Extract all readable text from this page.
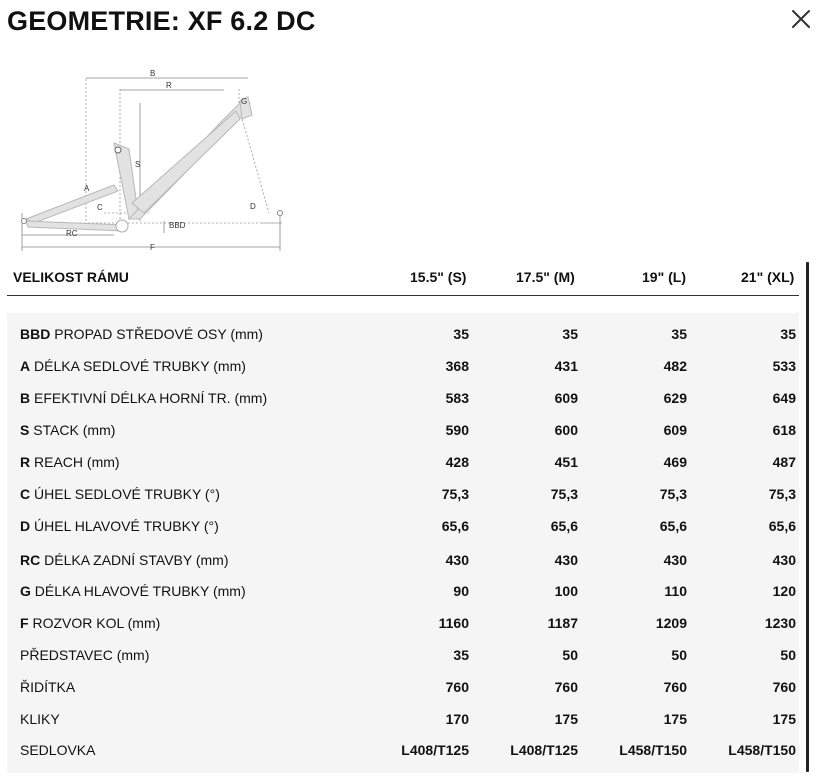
GEOMETRIE: XF 6.2 DC
B
R
G
S
A
C	D
RC
BBD
F
VELIKOST RÁMU	15.5" (S)	17.5" (M)	19" (L)	21" (XL)
BBD PROPAD STŘEDOVÉ OSY (mm)	35	35	35	35
A DÉLKA SEDLOVÉ TRUBKY (mm)	368	431	482	533
B EFEKTIVNÍ DÉLKA HORNÍ TR. (mm)	583	609	629	649
S STACK (mm)	590	600	609	618
R REACH (mm)	428	451	469	487
C ÚHEL SEDLOVÉ TRUBKY (°)	75,3	75,3	75,3	75,3
D ÚHEL HLAVOVÉ TRUBKY (°)	65,6	65,6	65,6	65,6
RC DÉLKA ZADNÍ STAVBY (mm)	430	430	430	430
G DÉLKA HLAVOVÉ TRUBKY (mm)	90	100	110	120
F ROZVOR KOL (mm)	1160	1187	1209	1230
PŘEDSTAVEC (mm)	35	50	50	50
ŘIDÍTKA	760	760	760	760
KLIKY	170	175	175	175
SEDLOVKA	L408/T125	L408/T125	L458/T150	L458/T150
